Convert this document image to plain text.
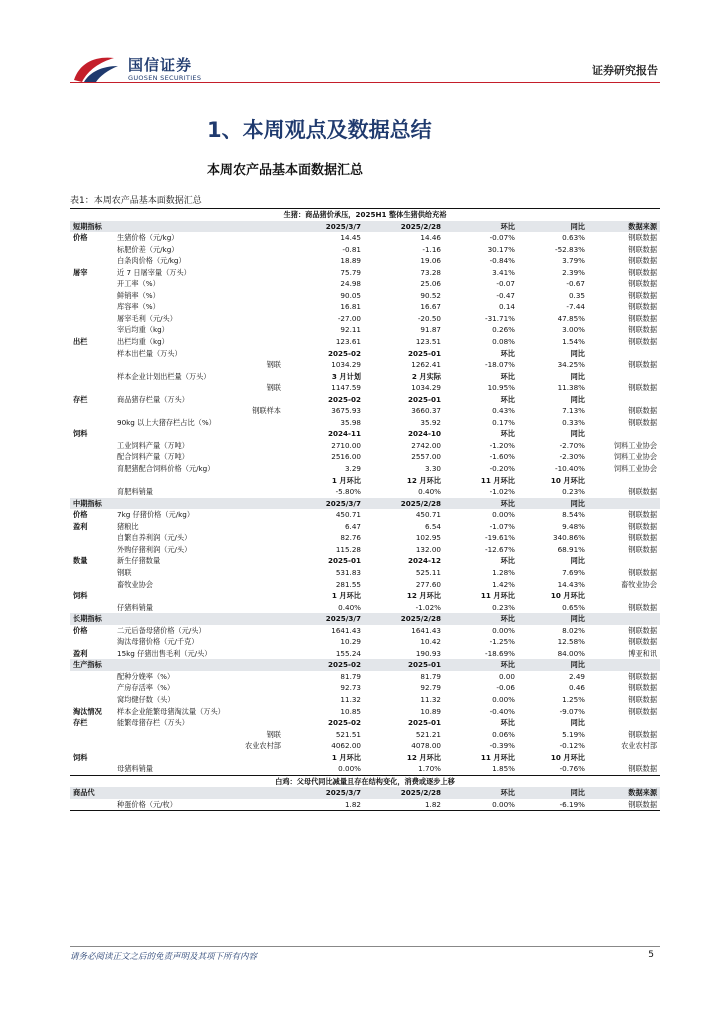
国信证券
GUOSEN SECURITIES
证券研究报告
1、本周观点及数据总结
本周农产品基本面数据汇总
表1：本周农产品基本面数据汇总
生猪：商品猪价承压，2025H1 整体生猪供给充裕						
短期指标		2025/3/7	2025/2/28	环比	同比	数据来源
价格	生猪价格（元/kg）	14.45	14.46	-0.07%	0.63%	钢联数据
	标肥价差（元/kg）	-0.81	-1.16	30.17%	-52.83%	钢联数据
	白条肉价格（元/kg）	18.89	19.06	-0.84%	3.79%	钢联数据
屠宰	近 7 日屠宰量（万头）	75.79	73.28	3.41%	2.39%	钢联数据
	开工率（%）	24.98	25.06	-0.07	-0.67	钢联数据
	鲜销率（%）	90.05	90.52	-0.47	0.35	钢联数据
	库容率（%）	16.81	16.67	0.14	-7.44	钢联数据
	屠宰毛利（元/头）	-27.00	-20.50	-31.71%	47.85%	钢联数据
	宰后均重（kg）	92.11	91.87	0.26%	3.00%	钢联数据
出栏	出栏均重（kg）	123.61	123.51	0.08%	1.54%	钢联数据
	样本出栏量（万头）	2025-02	2025-01	环比	同比	
	钢联	1034.29	1262.41	-18.07%	34.25%	钢联数据
	样本企业计划出栏量（万头）	3 月计划	2 月实际	环比	同比	
	钢联	1147.59	1034.29	10.95%	11.38%	钢联数据
存栏	商品猪存栏量（万头）	2025-02	2025-01	环比	同比	
	钢联样本	3675.93	3660.37	0.43%	7.13%	钢联数据
	90kg 以上大猪存栏占比（%）	35.98	35.92	0.17%	0.33%	钢联数据
饲料		2024-11	2024-10	环比	同比	
	工业饲料产量（万吨）	2710.00	2742.00	-1.20%	-2.70%	饲料工业协会
	配合饲料产量（万吨）	2516.00	2557.00	-1.60%	-2.30%	饲料工业协会
	育肥猪配合饲料价格（元/kg）	3.29	3.30	-0.20%	-10.40%	饲料工业协会
		1 月环比	12 月环比	11 月环比	10 月环比	
	育肥料销量	-5.80%	0.40%	-1.02%	0.23%	钢联数据
中期指标		2025/3/7	2025/2/28	环比	同比	
价格	7kg 仔猪价格（元/kg）	450.71	450.71	0.00%	8.54%	钢联数据
盈利	猪粮比	6.47	6.54	-1.07%	9.48%	钢联数据
	自繁自养利润（元/头）	82.76	102.95	-19.61%	340.86%	钢联数据
	外购仔猪利润（元/头）	115.28	132.00	-12.67%	68.91%	钢联数据
数量	新生仔猪数量	2025-01	2024-12	环比	同比	
	钢联	531.83	525.11	1.28%	7.69%	钢联数据
	畜牧业协会	281.55	277.60	1.42%	14.43%	畜牧业协会
饲料		1 月环比	12 月环比	11 月环比	10 月环比	
	仔猪料销量	0.40%	-1.02%	0.23%	0.65%	钢联数据
长期指标		2025/3/7	2025/2/28	环比	同比	
价格	二元后备母猪价格（元/头）	1641.43	1641.43	0.00%	8.02%	钢联数据
	淘汰母猪价格（元/千克）	10.29	10.42	-1.25%	12.58%	钢联数据
盈利	15kg 仔猪出售毛利（元/头）	155.24	190.93	-18.69%	84.00%	博亚和讯
生产指标		2025-02	2025-01	环比	同比	
	配种分娩率（%）	81.79	81.79	0.00	2.49	钢联数据
	产房存活率（%）	92.73	92.79	-0.06	0.46	钢联数据
	窝均健仔数（头）	11.32	11.32	0.00%	1.25%	钢联数据
淘汰情况	样本企业能繁母猪淘汰量（万头）	10.85	10.89	-0.40%	-9.07%	钢联数据
存栏	能繁母猪存栏（万头）	2025-02	2025-01	环比	同比	
	钢联	521.51	521.21	0.06%	5.19%	钢联数据
	农业农村部	4062.00	4078.00	-0.39%	-0.12%	农业农村部
饲料		1 月环比	12 月环比	11 月环比	10 月环比	
	母猪料销量	0.00%	1.70%	1.85%	-0.76%	钢联数据
白鸡：父母代同比减量且存在结构变化，消费或逐步上移						
商品代		2025/3/7	2025/2/28	环比	同比	数据来源
	种蛋价格（元/枚）	1.82	1.82	0.00%	-6.19%	钢联数据
请务必阅读正文之后的免责声明及其项下所有内容	5
